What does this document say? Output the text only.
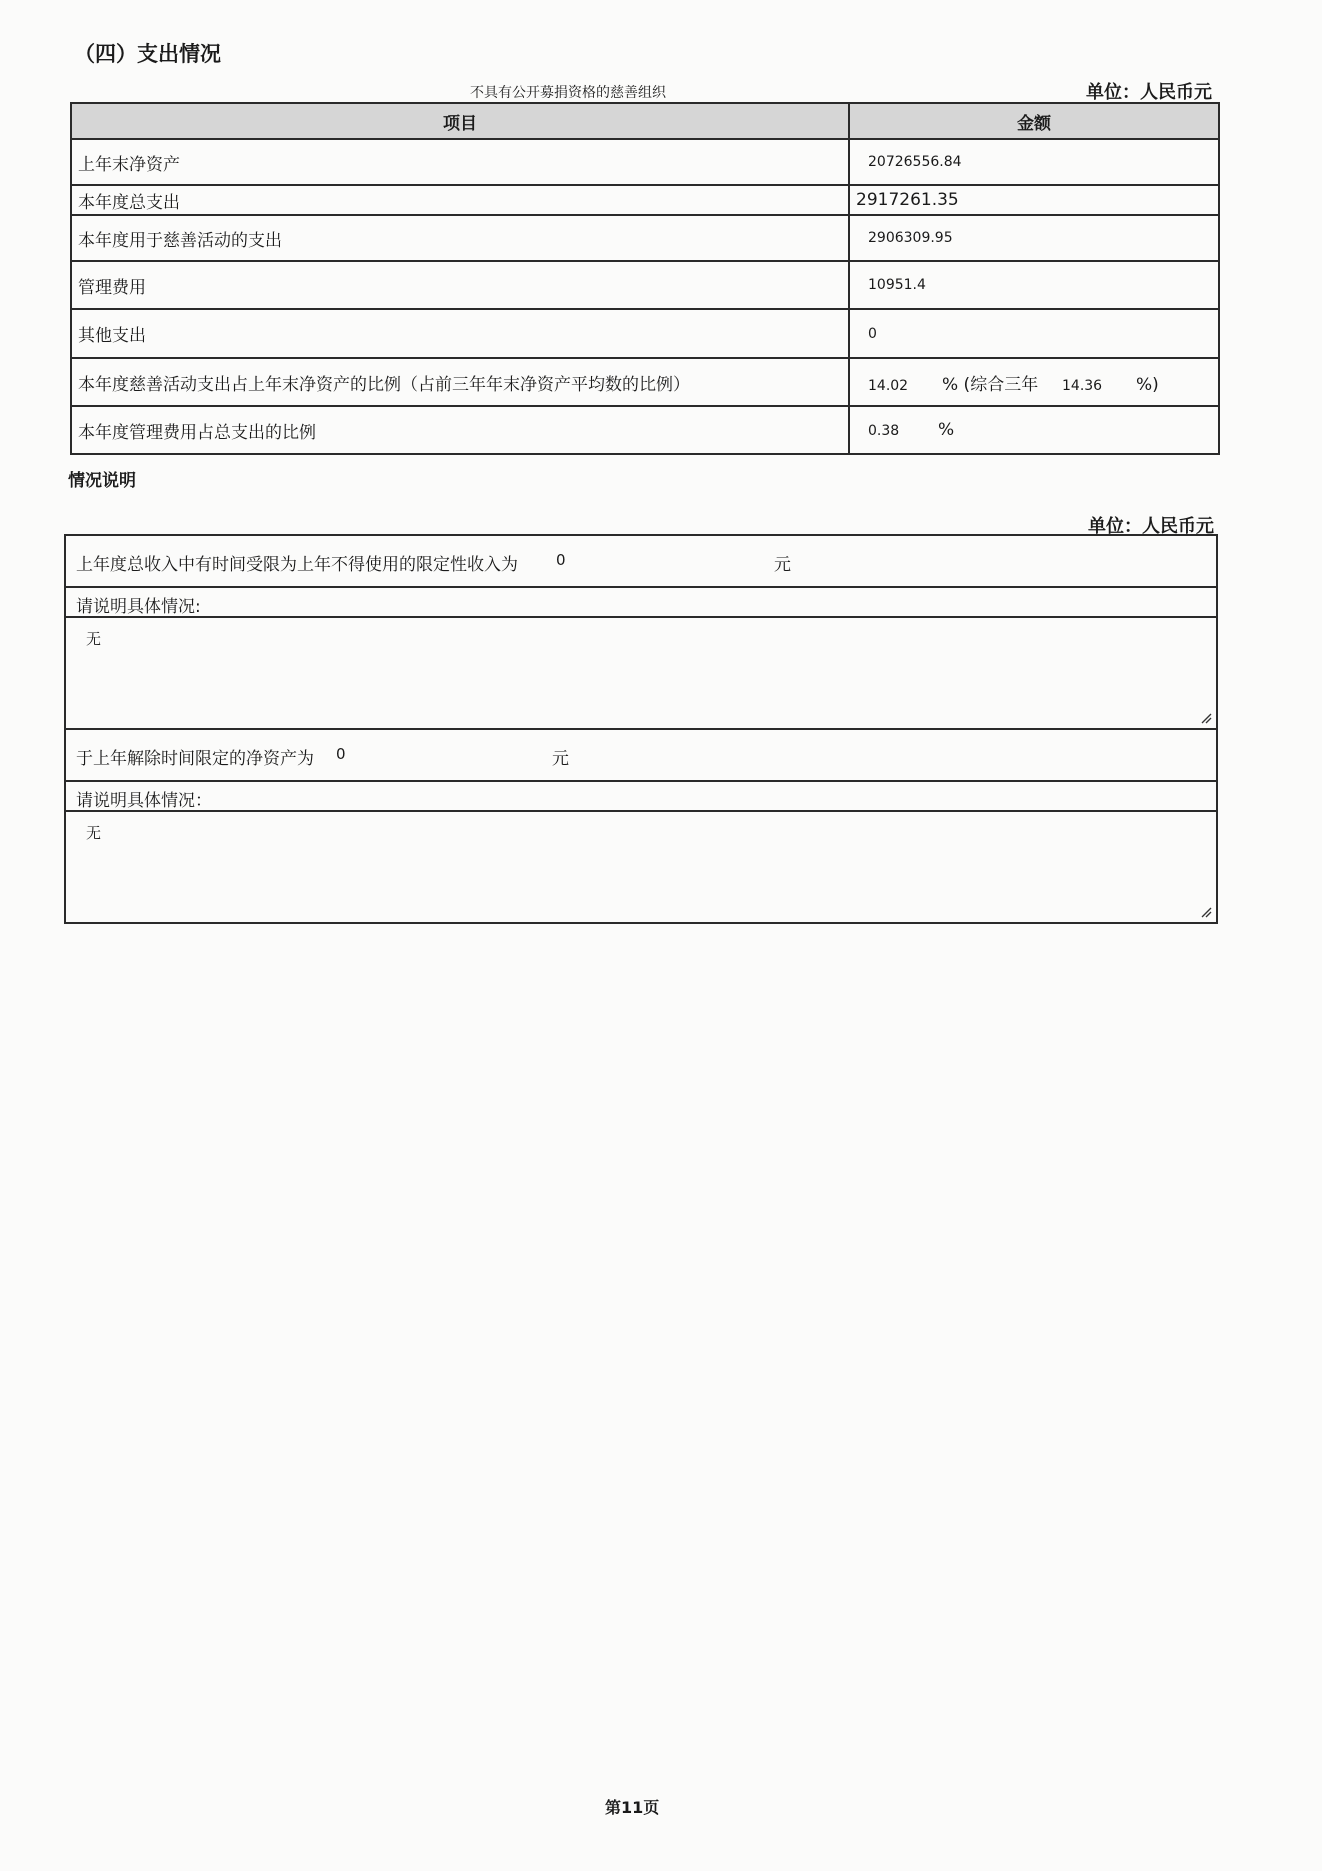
（四）支出情况
不具有公开募捐资格的慈善组织	单位：人民币元
项目	金额
上年末净资产	20726556.84
本年度总支出	2917261.35
本年度用于慈善活动的支出	2906309.95
管理费用	10951.4
其他支出	0
本年度慈善活动支出占上年末净资产的比例（占前三年年末净资产平均数的比例）	14.02 % (综合三年 14.36 %)
本年度管理费用占总支出的比例	0.38 %
情况说明
单位：人民币元
上年度总收入中有时间受限为上年不得使用的限定性收入为	0	元
请说明具体情况:
无
于上年解除时间限定的净资产为 0	元
请说明具体情况：
无
第11页
